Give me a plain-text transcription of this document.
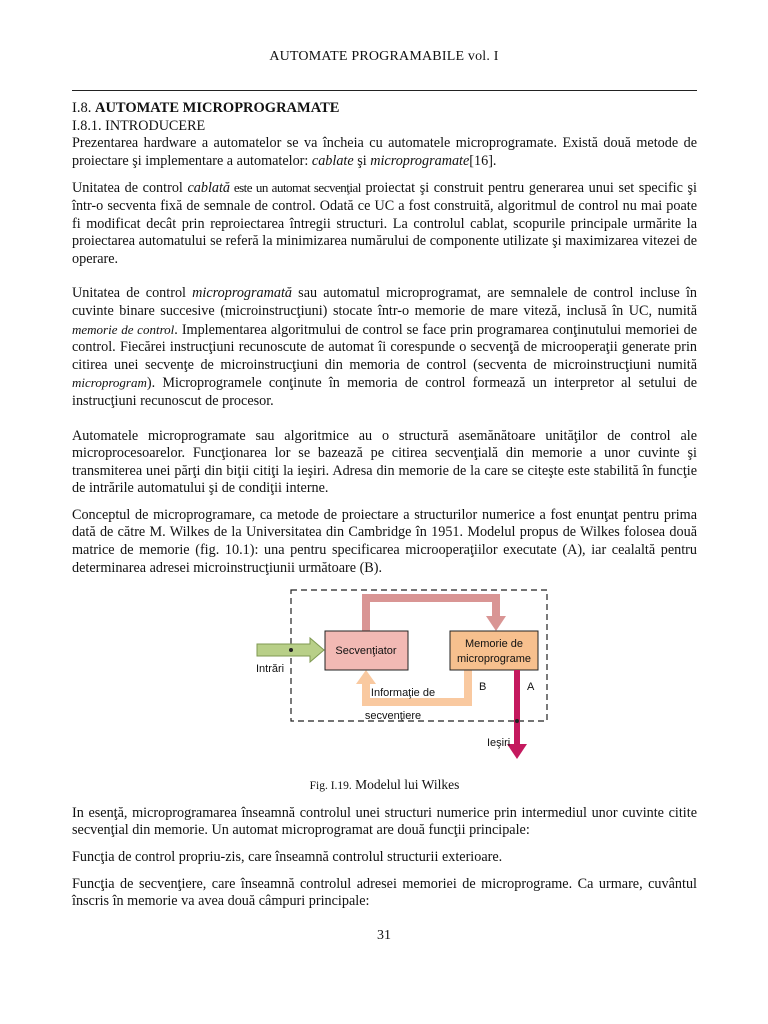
AUTOMATE PROGRAMABILE vol. I

I.8. AUTOMATE MICROPROGRAMATE

I.8.1. INTRODUCERE

Prezentarea hardware a automatelor se va încheia cu automatele microprogramate. Există două metode de proiectare şi implementare a automatelor: cablate şi microprogramate[16].

Unitatea de control cablată este un automat secvenţial proiectat şi construit pentru generarea unui set specific şi într-o secventa fixă de semnale de control. Odată ce UC a fost construită, algoritmul de control nu mai poate fi modificat decât prin reproiectarea întregii structuri. La controlul cablat, scopurile principale urmărite la proiectarea automatului se referă la minimizarea numărului de componente utilizate şi maximizarea vitezei de operare.

Unitatea de control microprogramată sau automatul microprogramat, are semnalele de control incluse în cuvinte binare succesive (microinstrucţiuni) stocate într-o memorie de mare viteză, inclusă în UC, numită memorie de control. Implementarea algoritmului de control se face prin programarea conţinutului memoriei de control. Fiecărei instrucţiuni recunoscute de automat îi corespunde o secvenţă de microoperaţii generate prin citirea unei secvenţe de microinstrucţiuni din memoria de control (secventa de microinstrucţiuni numită microprogram). Microprogramele conţinute în memoria de control formează un interpretor al setului de instrucţiuni recunoscut de procesor.

Automatele microprogramate sau algoritmice au o structură asemănătoare unităţilor de control ale microprocesoarelor. Funcţionarea lor se bazează pe citirea secvenţială din memorie a unor cuvinte şi transmiterea unei părţi din biţii citiţi la ieşiri. Adresa din memorie de la care se citeşte este stabilită în funcţie de intrările automatului şi de condiţii interne.

Conceptul de microprogramare, ca metode de proiectare a structurilor numerice a fost enunţat pentru prima dată de către M. Wilkes de la Universitatea din Cambridge în 1951. Modelul propus de Wilkes folosea două matrice de memorie (fig. 10.1): una pentru specificarea microoperaţiilor executate (A), iar cealaltă pentru determinarea adresei microinstrucţiunii următoare (B).

Secvenţiator
Memorie de
microprograme
Intrări
Informaţie de
secvenţiere
B	A
Ieşiri

Fig. I.19. Modelul lui Wilkes

In esenţă, microprogramarea înseamnă controlul unei structuri numerice prin intermediul unor cuvinte citite secvenţial din memorie. Un automat microprogramat are două funcţii principale:

Funcţia de control propriu-zis, care înseamnă controlul structurii exterioare.

Funcţia de secvenţiere, care înseamnă controlul adresei memoriei de microprograme. Ca urmare, cuvântul înscris în memorie va avea două câmpuri principale:

31
